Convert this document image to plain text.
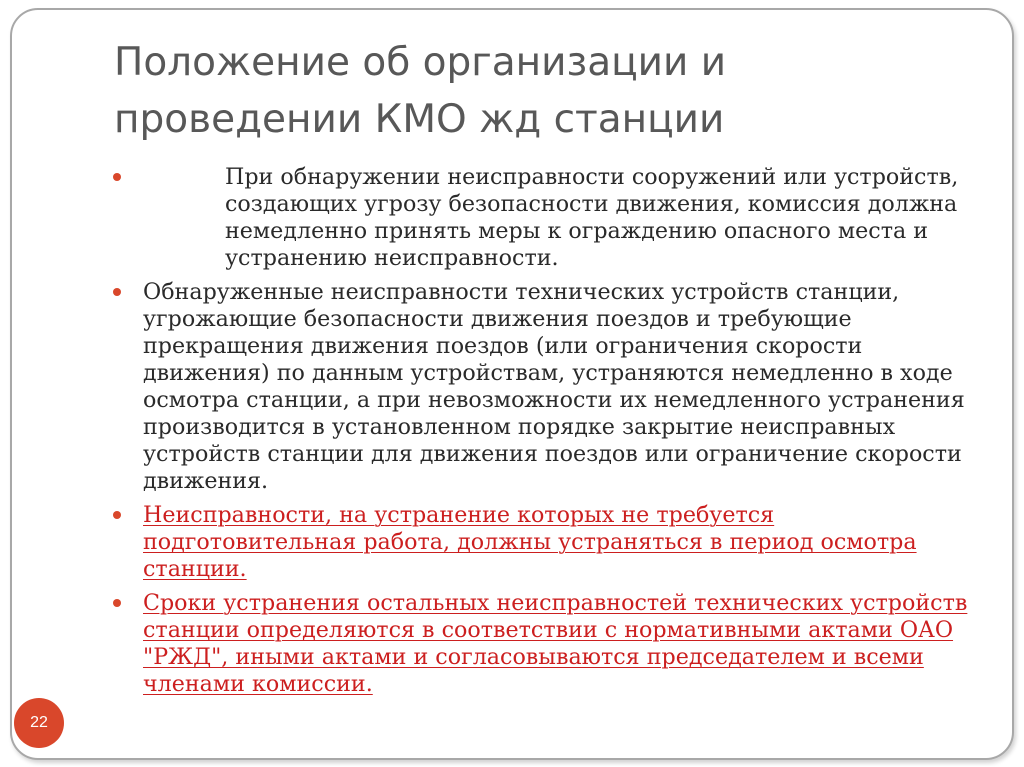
Положение об организации и проведении КМО жд станции
При обнаружении неисправности сооружений или устройств, создающих угрозу безопасности движения, комиссия должна немедленно принять меры к ограждению опасного места и устранению неисправности.
Обнаруженные неисправности технических устройств станции, угрожающие безопасности движения поездов и требующие прекращения движения поездов (или ограничения скорости движения) по данным устройствам, устраняются немедленно в ходе осмотра станции, а при невозможности их немедленного устранения производится в установленном порядке закрытие неисправных устройств станции для движения поездов или ограничение скорости движения.
Неисправности, на устранение которых не требуется подготовительная работа, должны устраняться в период осмотра станции.
Сроки устранения остальных неисправностей технических устройств станции определяются в соответствии с нормативными актами ОАО "РЖД", иными актами и согласовываются председателем и всеми членами комиссии.
22
